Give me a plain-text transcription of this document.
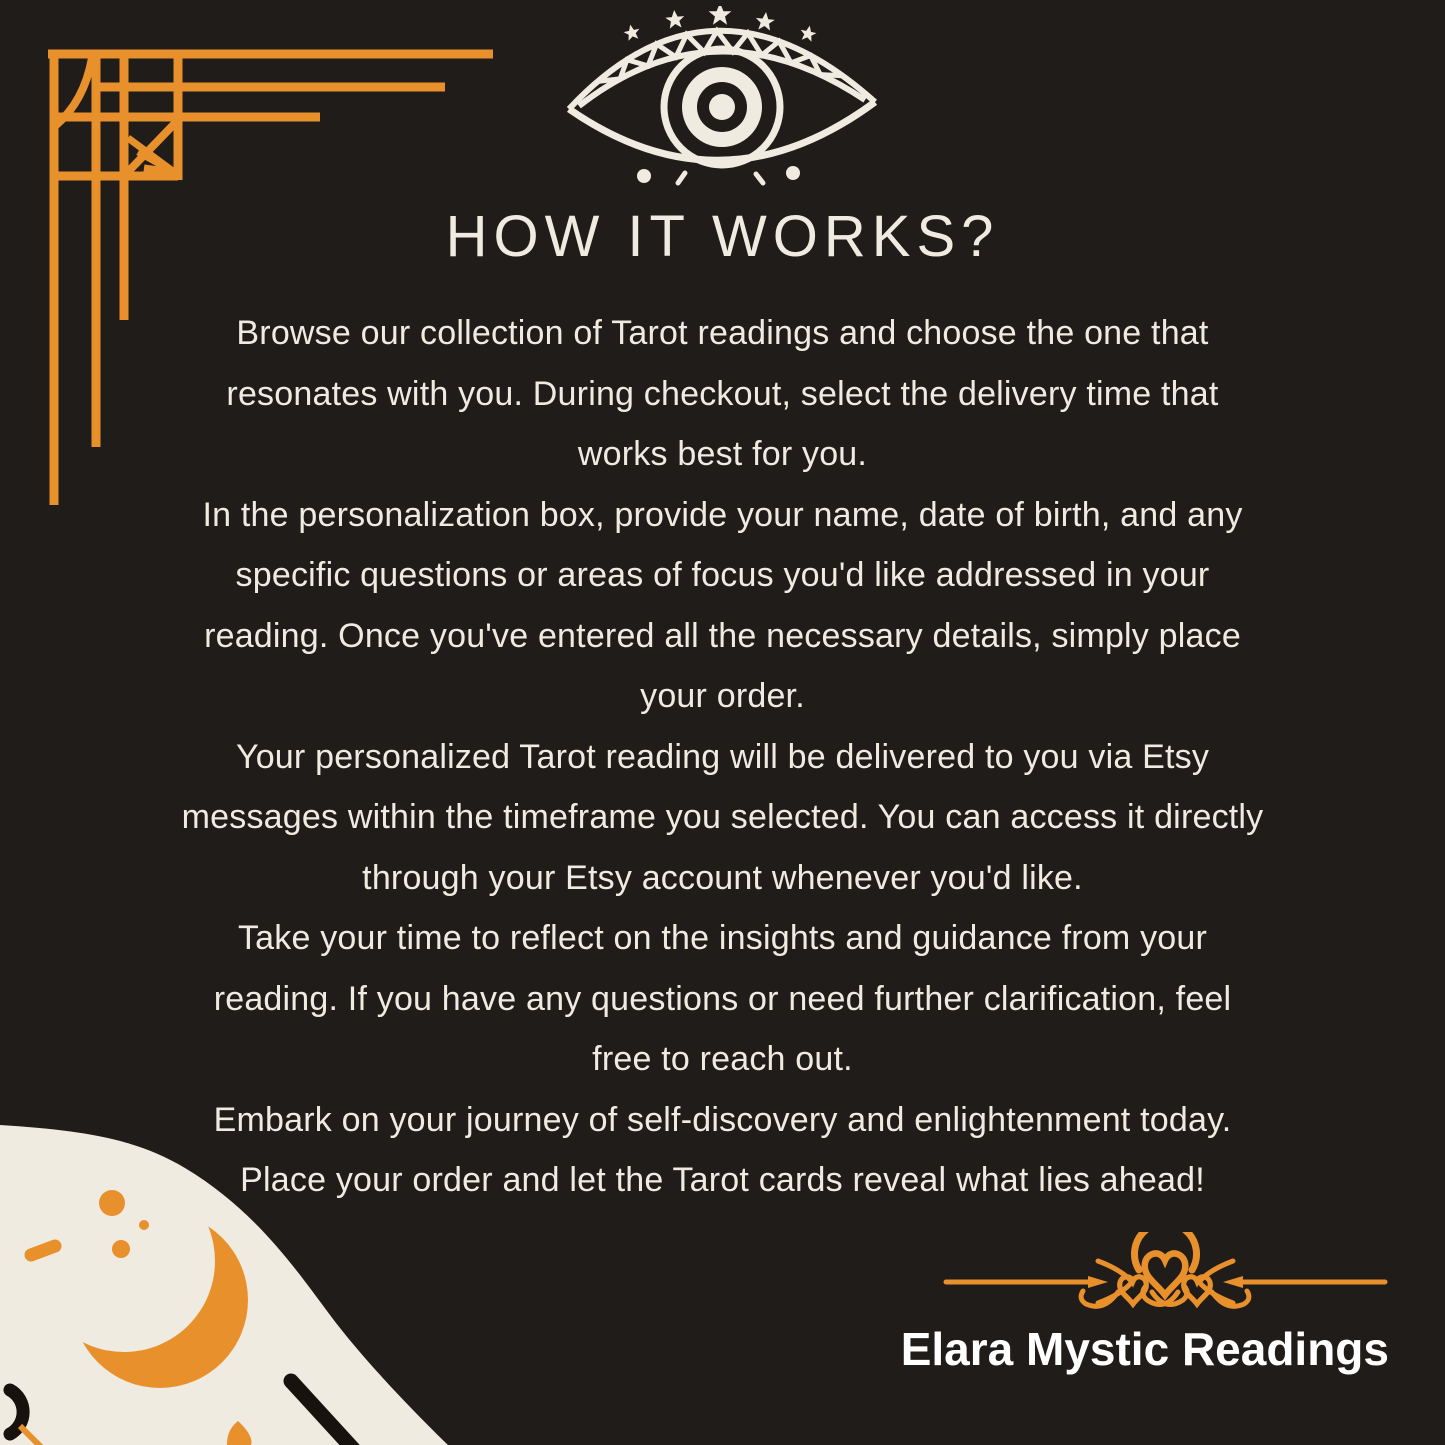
HOW IT WORKS?
Browse our collection of Tarot readings and choose the one that
resonates with you. During checkout, select the delivery time that
works best for you.
In the personalization box, provide your name, date of birth, and any
specific questions or areas of focus you'd like addressed in your
reading. Once you've entered all the necessary details, simply place
your order.
Your personalized Tarot reading will be delivered to you via Etsy
messages within the timeframe you selected. You can access it directly
through your Etsy account whenever you'd like.
Take your time to reflect on the insights and guidance from your
reading. If you have any questions or need further clarification, feel
free to reach out.
Embark on your journey of self-discovery and enlightenment today.
Place your order and let the Tarot cards reveal what lies ahead!
Elara Mystic Readings
